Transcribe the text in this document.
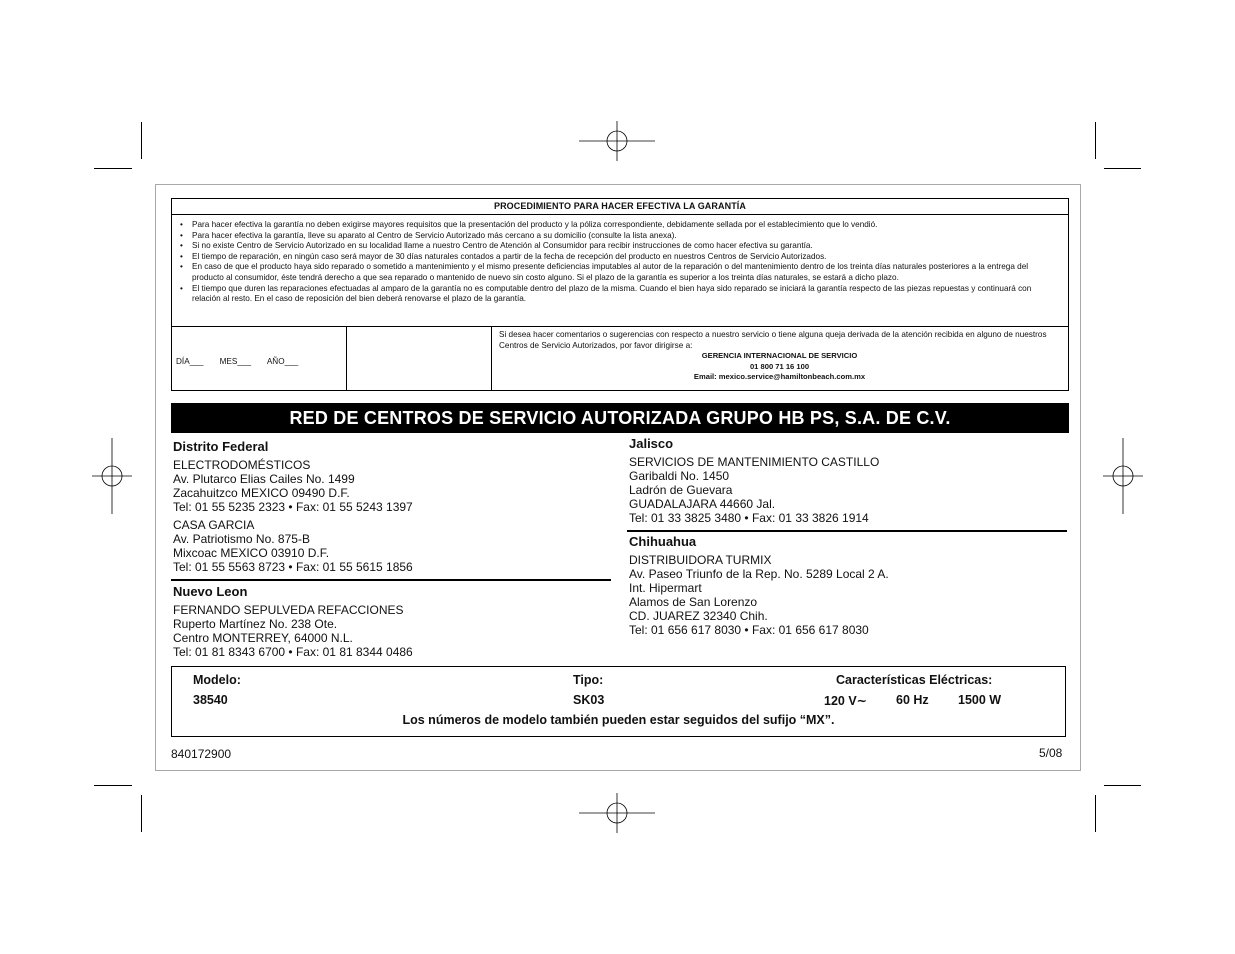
PROCEDIMIENTO PARA HACER EFECTIVA LA GARANTÍA
• Para hacer efectiva la garantía no deben exigirse mayores requisitos que la presentación del producto y la póliza correspondiente, debidamente sellada por el establecimiento que lo vendió.
• Para hacer efectiva la garantía, lleve su aparato al Centro de Servicio Autorizado más cercano a su domicilio (consulte la lista anexa).
• Si no existe Centro de Servicio Autorizado en su localidad llame a nuestro Centro de Atención al Consumidor para recibir instrucciones de como hacer efectiva su garantía.
• El tiempo de reparación, en ningún caso será mayor de 30 días naturales contados a partir de la fecha de recepción del producto en nuestros Centros de Servicio Autorizados.
• En caso de que el producto haya sido reparado o sometido a mantenimiento y el mismo presente deficiencias imputables al autor de la reparación o del mantenimiento dentro de los treinta días naturales posteriores a la entrega del producto al consumidor, éste tendrá derecho a que sea reparado o mantenido de nuevo sin costo alguno. Si el plazo de la garantía es superior a los treinta días naturales, se estará a dicho plazo.
• El tiempo que duren las reparaciones efectuadas al amparo de la garantía no es computable dentro del plazo de la misma. Cuando el bien haya sido reparado se iniciará la garantía respecto de las piezas repuestas y continuará con relación al resto. En el caso de reposición del bien deberá renovarse el plazo de la garantía.
DÍA___ MES___ AÑO___
Si desea hacer comentarios o sugerencias con respecto a nuestro servicio o tiene alguna queja derivada de la atención recibida en alguno de nuestros Centros de Servicio Autorizados, por favor dirigirse a:
GERENCIA INTERNACIONAL DE SERVICIO
01 800 71 16 100
Email: mexico.service@hamiltonbeach.com.mx
RED DE CENTROS DE SERVICIO AUTORIZADA GRUPO HB PS, S.A. DE C.V.
Distrito Federal

ELECTRODOMÉSTICOS

Av. Plutarco Elias Cailes No. 1499

Zacahuitzco MEXICO 09490 D.F.

Tel: 01 55 5235 2323 • Fax: 01 55 5243 1397

CASA GARCIA

Av. Patriotismo No. 875-B

Mixcoac MEXICO 03910 D.F.

Tel: 01 55 5563 8723 • Fax: 01 55 5615 1856

Nuevo Leon

FERNANDO SEPULVEDA REFACCIONES

Ruperto Martínez No. 238 Ote.

Centro MONTERREY, 64000 N.L.

Tel: 01 81 8343 6700 • Fax: 01 81 8344 0486

Jalisco

SERVICIOS DE MANTENIMIENTO CASTILLO

Garibaldi No. 1450

Ladrón de Guevara

GUADALAJARA 44660 Jal.

Tel: 01 33 3825 3480 • Fax: 01 33 3826 1914

Chihuahua

DISTRIBUIDORA TURMIX

Av. Paseo Triunfo de la Rep. No. 5289 Local 2 A.

Int. Hipermart

Alamos de San Lorenzo

CD. JUAREZ 32340 Chih.

Tel: 01 656 617 8030 • Fax: 01 656 617 8030

Modelo:
38540
Tipo:
SK03
Características Eléctricas:
120 V∼ 60 Hz 1500 W
Los números de modelo también pueden estar seguidos del sufijo “MX”.
840172900	5/08
